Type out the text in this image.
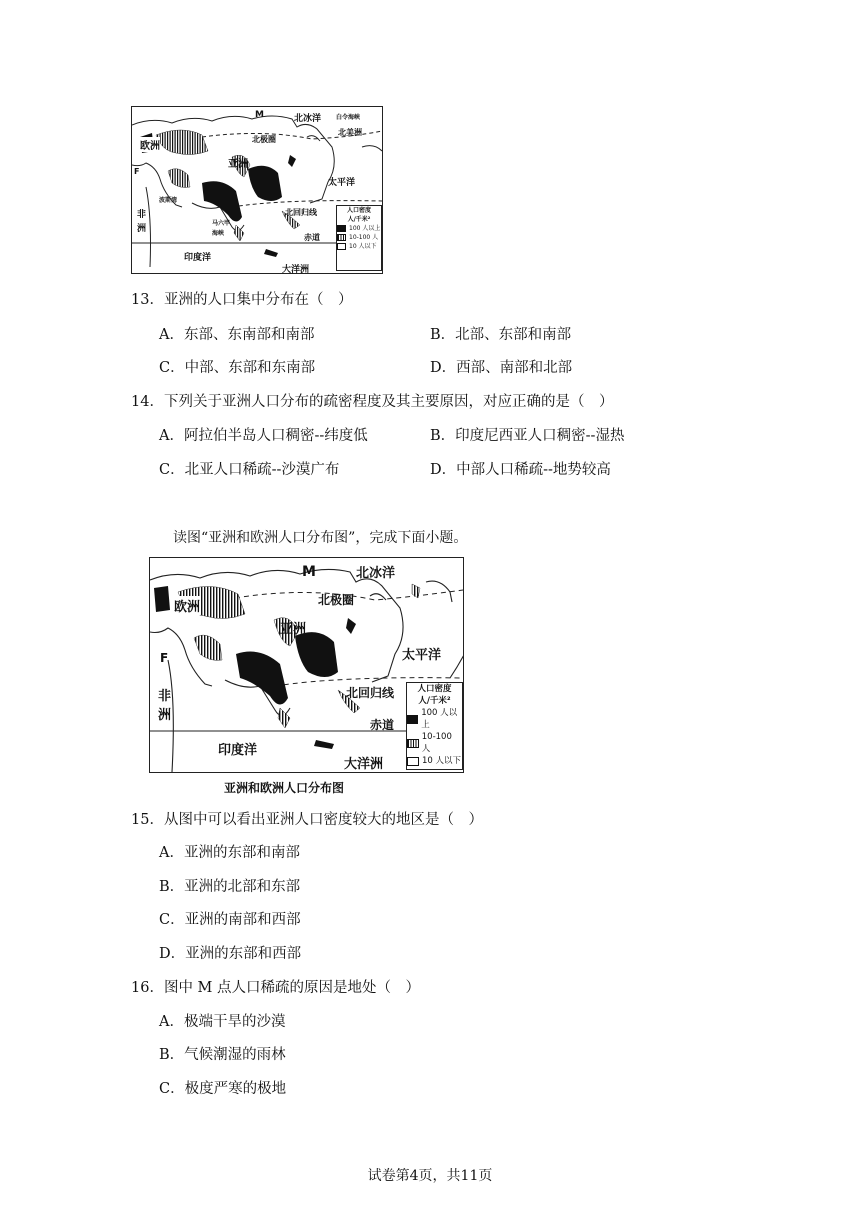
M	北冰洋 白令海峡
北美洲
欧洲
北极圈
亚洲
太平洋
波斯湾
非
洲
马六甲
海峡
北回归线
赤道
印度洋
大洋洲
F
人口密度
人/千米²
100 人以上
10-100 人
10 人以下
13．亚洲的人口集中分布在（　）
A．东部、东南部和南部	B．北部、东部和南部
C．中部、东部和东南部	D．西部、南部和北部
14．下列关于亚洲人口分布的疏密程度及其主要原因，对应正确的是（　）
A．阿拉伯半岛人口稠密--纬度低	B．印度尼西亚人口稠密--湿热
C．北亚人口稀疏--沙漠广布	D．中部人口稀疏--地势较高
读图“亚洲和欧洲人口分布图”，完成下面小题。
M	北冰洋
欧洲	北极圈
亚洲
太平洋
F
非
洲
北回归线
赤道
印度洋
大洋洲
人口密度
人/千米²
100 人以上
10-100 人
10 人以下
亚洲和欧洲人口分布图
15．从图中可以看出亚洲人口密度较大的地区是（　）
A．亚洲的东部和南部
B．亚洲的北部和东部
C．亚洲的南部和西部
D．亚洲的东部和西部
16．图中 M 点人口稀疏的原因是地处（　）
A．极端干旱的沙漠
B．气候潮湿的雨林
C．极度严寒的极地
试卷第4页，共11页
